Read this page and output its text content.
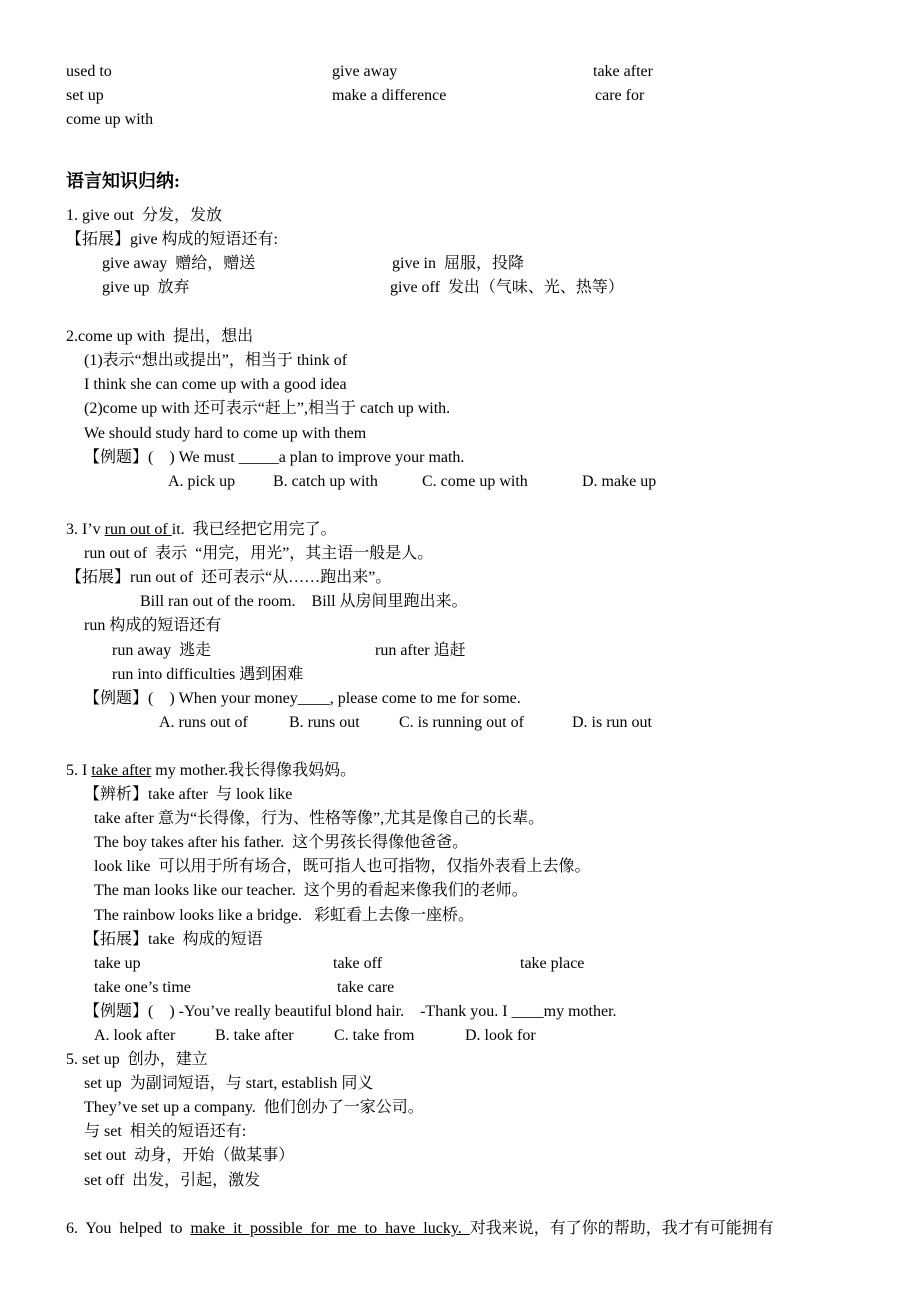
used to	give away	take after
set up	make a difference	care for
come up with
语言知识归纳:
1. give out  分发，发放
【拓展】give 构成的短语还有:
give away  赠给，赠送	give in  屈服，投降
give up  放弃	give off  发出（气味、光、热等）
2.come up with  提出，想出
(1)表示“想出或提出”，相当于 think of
I think she can come up with a good idea
(2)come up with 还可表示“赶上”,相当于 catch up with.
We should study hard to come up with them
【例题】(    ) We must _____a plan to improve your math.
A. pick up B. catch up with	C. come up with	D. make up
3. I’v run out of it.  我已经把它用完了。
run out of  表示  “用完，用光”，其主语一般是人。
【拓展】run out of  还可表示“从……跑出来”。
Bill ran out of the room.    Bill 从房间里跑出来。
run 构成的短语还有
run away  逃走	run after 追赶
run into difficulties 遇到困难
【例题】(    ) When your money____, please come to me for some.
A. runs out of	B. runs out C. is running out of	D. is run out
5. I take after my mother.我长得像我妈妈。
【辨析】take after  与 look like
take after 意为“长得像，行为、性格等像”,尤其是像自己的长辈。
The boy takes after his father.  这个男孩长得像他爸爸。
look like  可以用于所有场合，既可指人也可指物，仅指外表看上去像。
The man looks like our teacher.  这个男的看起来像我们的老师。
The rainbow looks like a bridge.   彩虹看上去像一座桥。
【拓展】take  构成的短语
take up	take off	take place
take one’s time	take care
【例题】(    ) -You’ve really beautiful blond hair.    -Thank you. I ____my mother.
A. look after B. take after	C. take from	D. look for
5. set up  创办，建立
set up  为副词短语，与 start, establish 同义
They’ve set up a company.  他们创办了一家公司。
与 set  相关的短语还有:
set out  动身，开始（做某事）
set off  出发，引起，激发
6.  You  helped  to  make  it  possible  for  me  to  have  lucky.  对我来说，有了你的帮助，我才有可能拥有
